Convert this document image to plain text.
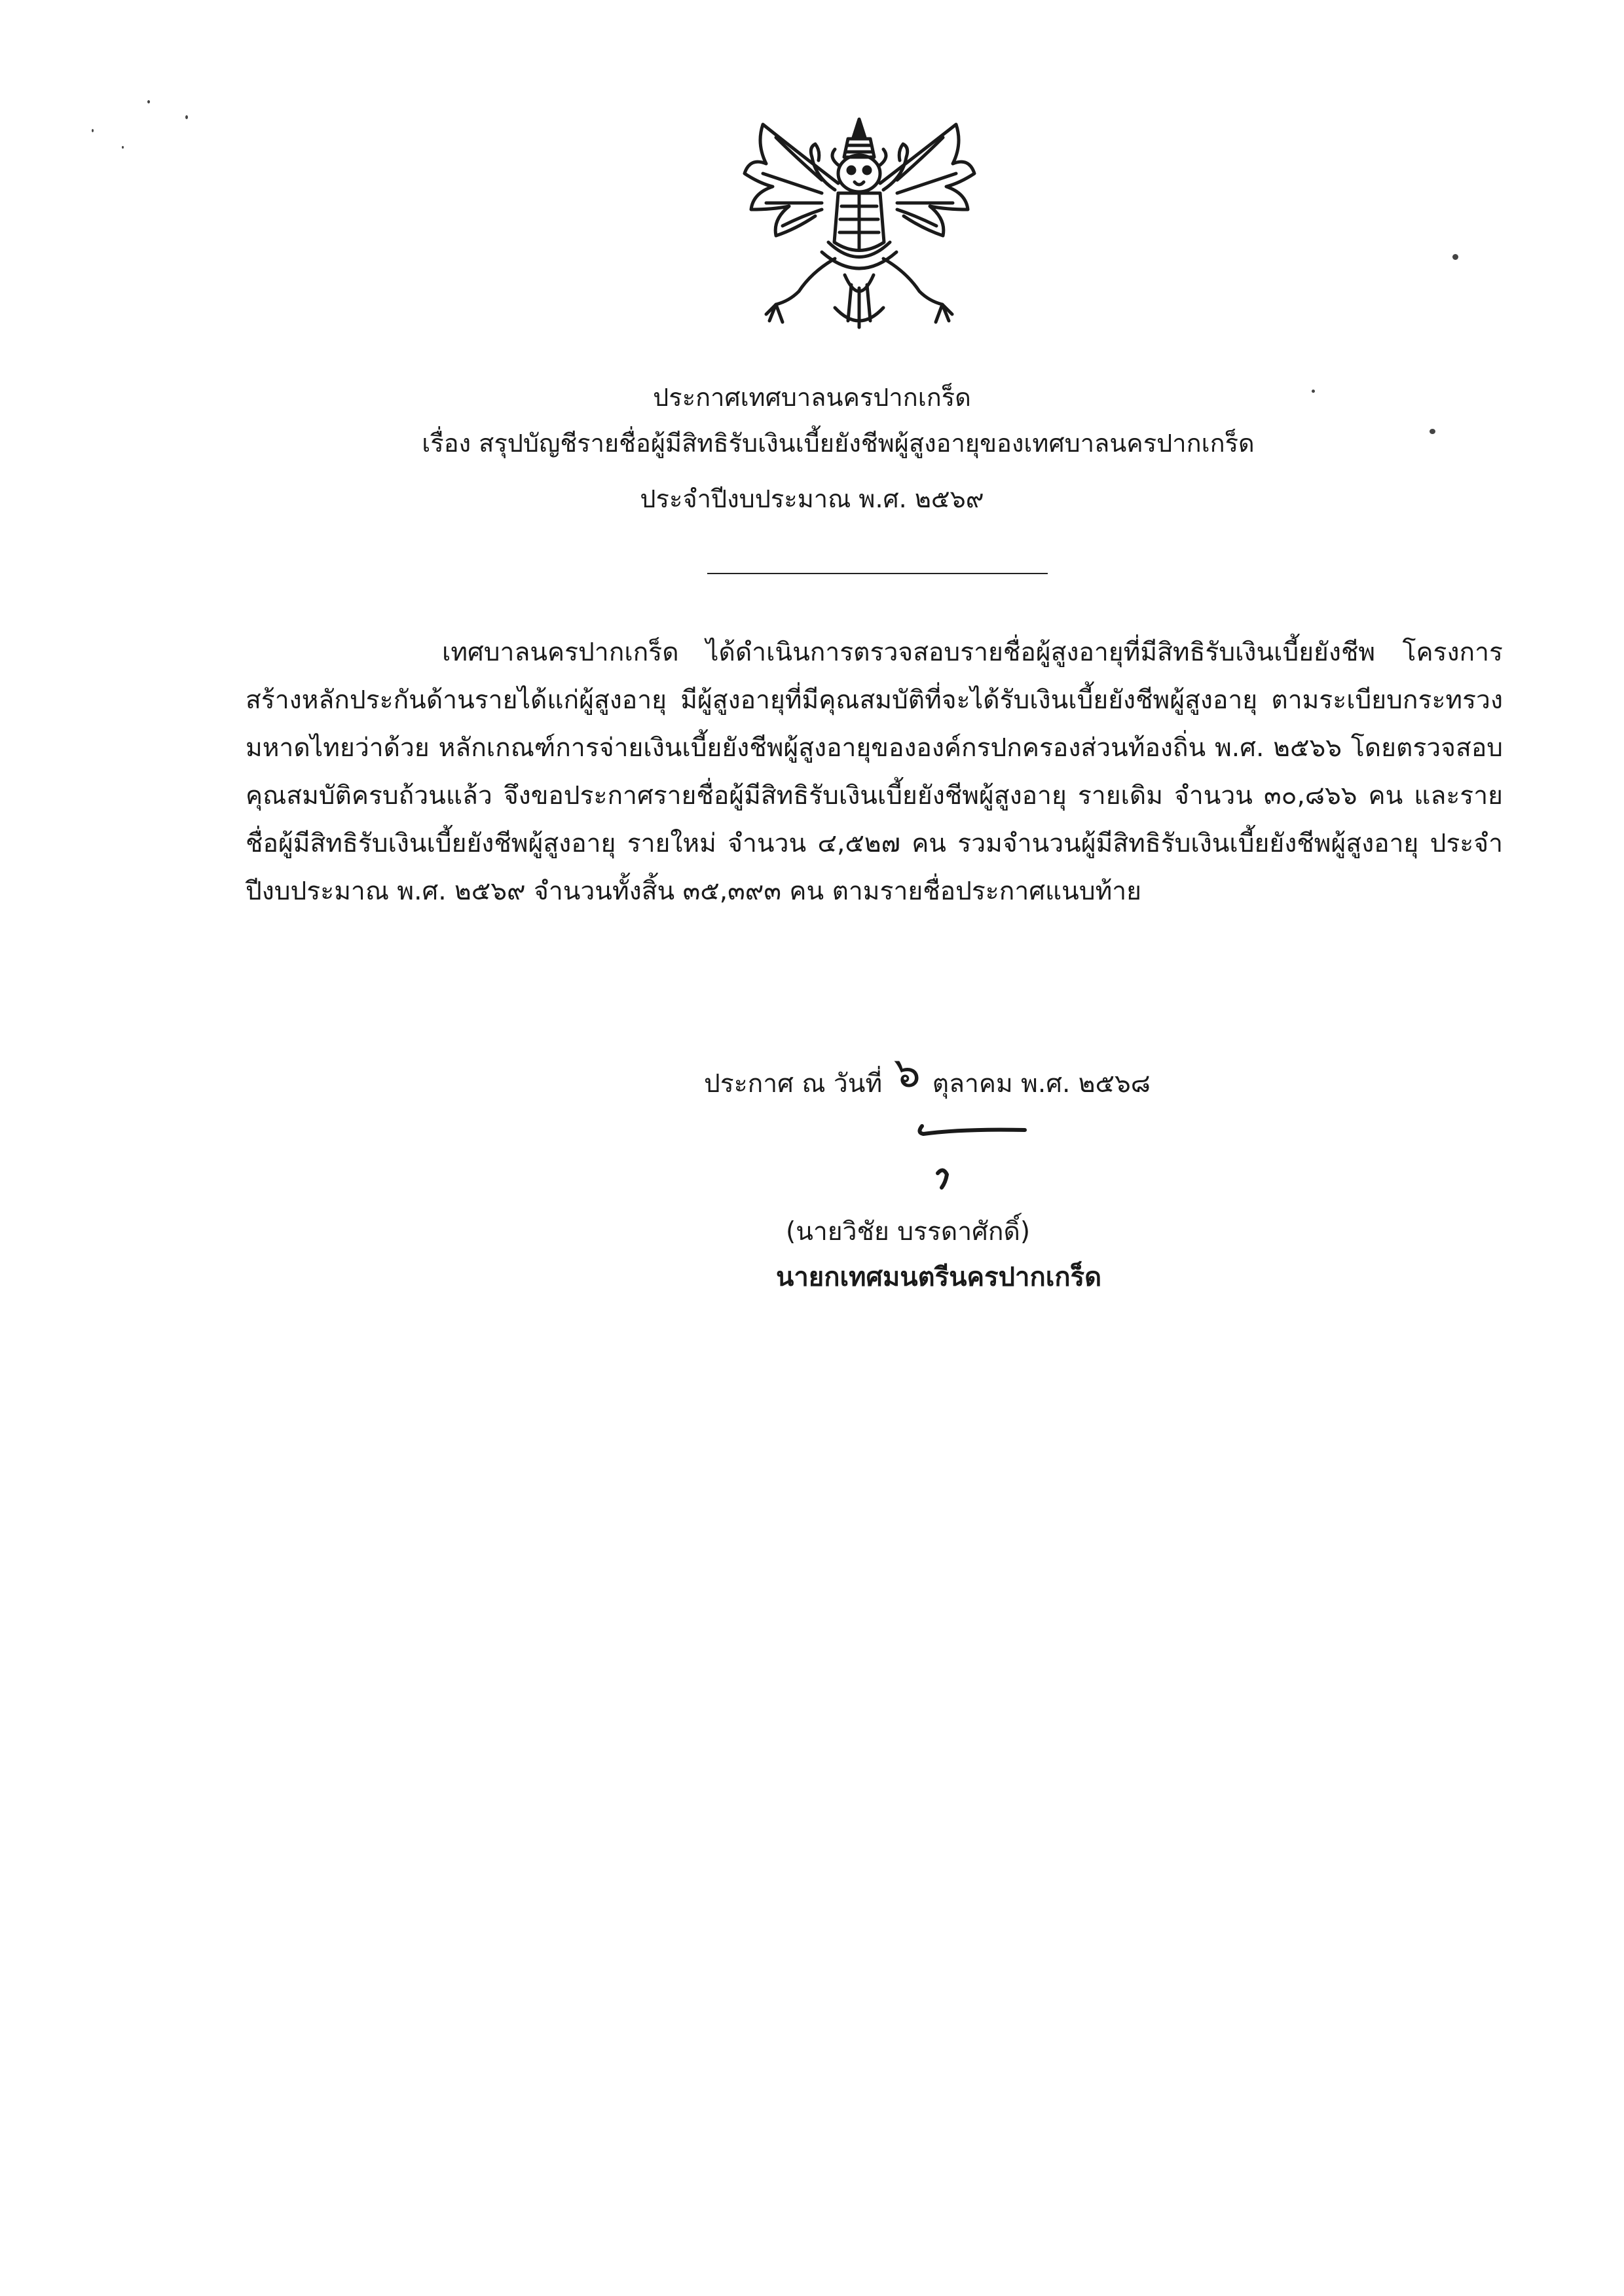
ประกาศเทศบาลนครปากเกร็ด
เรื่อง สรุปบัญชีรายชื่อผู้มีสิทธิรับเงินเบี้ยยังชีพผู้สูงอายุของเทศบาลนครปากเกร็ด
ประจำปีงบประมาณ พ.ศ. ๒๕๖๙
เทศบาลนครปากเกร็ด ได้ดำเนินการตรวจสอบรายชื่อผู้สูงอายุที่มีสิทธิรับเงินเบี้ยยังชีพ โครงการสร้างหลักประกันด้านรายได้แก่ผู้สูงอายุ มีผู้สูงอายุที่มีคุณสมบัติที่จะได้รับเงินเบี้ยยังชีพผู้สูงอายุ ตามระเบียบกระทรวงมหาดไทยว่าด้วย หลักเกณฑ์การจ่ายเงินเบี้ยยังชีพผู้สูงอายุขององค์กรปกครองส่วนท้องถิ่น พ.ศ. ๒๕๖๖ โดยตรวจสอบคุณสมบัติครบถ้วนแล้ว จึงขอประกาศรายชื่อผู้มีสิทธิรับเงินเบี้ยยังชีพผู้สูงอายุ รายเดิม จำนวน ๓๐,๘๖๖ คน และรายชื่อผู้มีสิทธิรับเงินเบี้ยยังชีพผู้สูงอายุ รายใหม่ จำนวน ๔,๕๒๗ คน รวมจำนวนผู้มีสิทธิรับเงินเบี้ยยังชีพผู้สูงอายุ ประจำปีงบประมาณ พ.ศ. ๒๕๖๙ จำนวนทั้งสิ้น ๓๕,๓๙๓ คน ตามรายชื่อประกาศแนบท้าย
ประกาศ ณ วันที่ ๖ ตุลาคม พ.ศ. ๒๕๖๘
(นายวิชัย บรรดาศักดิ์)
นายกเทศมนตรีนครปากเกร็ด
